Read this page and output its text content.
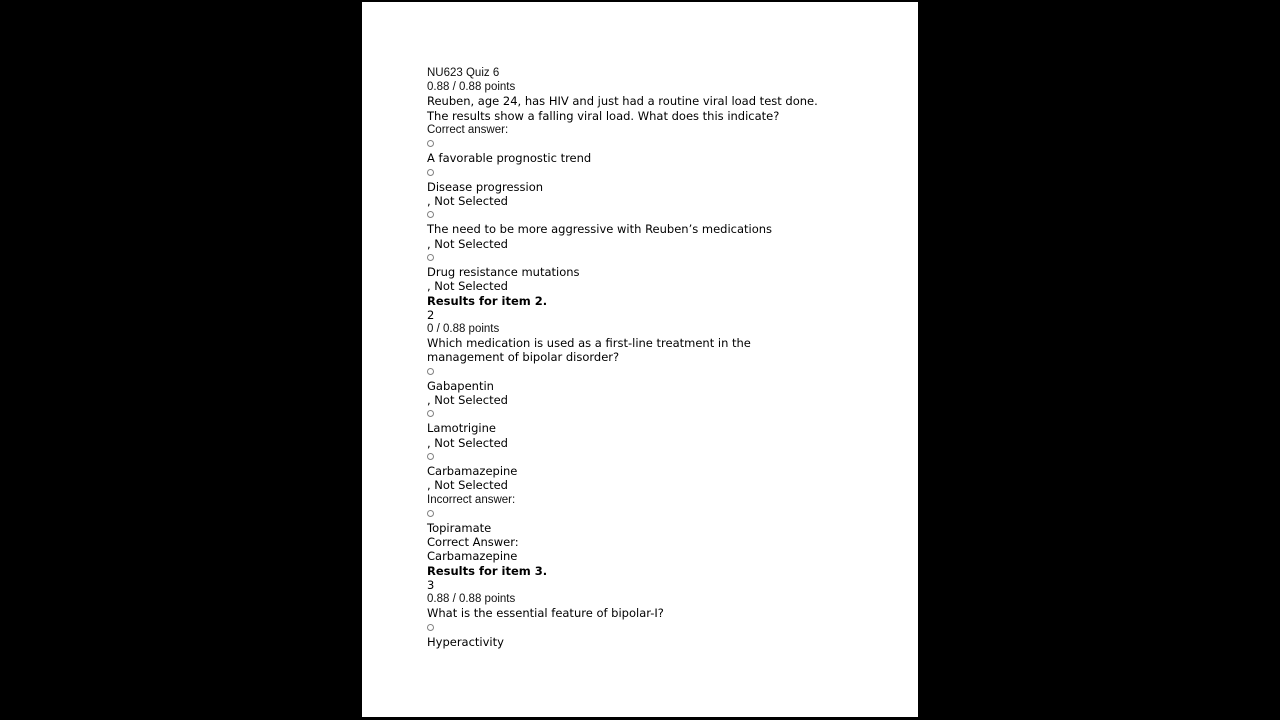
NU623 Quiz 6
0.88 / 0.88 points
Reuben, age 24, has HIV and just had a routine viral load test done.
The results show a falling viral load. What does this indicate?
Correct answer:
A favorable prognostic trend
Disease progression
, Not Selected
The need to be more aggressive with Reuben’s medications
, Not Selected
Drug resistance mutations
, Not Selected
Results for item 2.
2
0 / 0.88 points
Which medication is used as a first-line treatment in the
management of bipolar disorder?
Gabapentin
, Not Selected
Lamotrigine
, Not Selected
Carbamazepine
, Not Selected
Incorrect answer:
Topiramate
Correct Answer:
Carbamazepine
Results for item 3.
3
0.88 / 0.88 points
What is the essential feature of bipolar-I?
Hyperactivity
